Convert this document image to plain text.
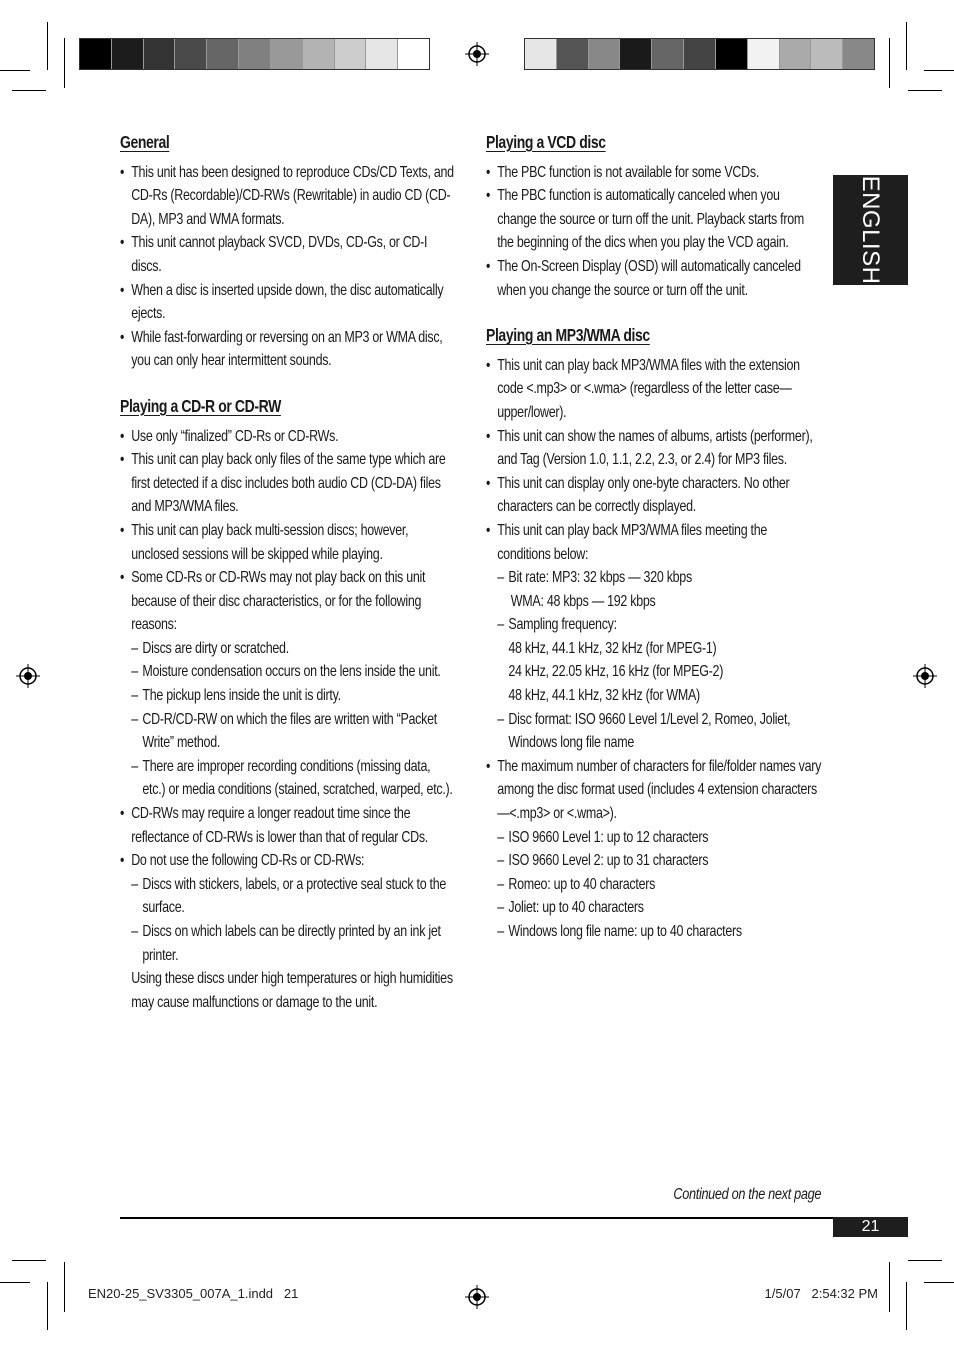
ENGLISH
General
• This unit has been designed to reproduce CDs/CD Texts, and CD-Rs (Recordable)/CD-RWs (Rewritable) in audio CD (CD-DA), MP3 and WMA formats.
• This unit cannot playback SVCD, DVDs, CD-Gs, or CD-I discs.
• When a disc is inserted upside down, the disc automatically ejects.
• While fast-forwarding or reversing on an MP3 or WMA disc, you can only hear intermittent sounds.
Playing a CD-R or CD-RW
• Use only “finalized” CD-Rs or CD-RWs.
• This unit can play back only files of the same type which are first detected if a disc includes both audio CD (CD-DA) files and MP3/WMA files.
• This unit can play back multi-session discs; however, unclosed sessions will be skipped while playing.
• Some CD-Rs or CD-RWs may not play back on this unit because of their disc characteristics, or for the following reasons:
– Discs are dirty or scratched.
– Moisture condensation occurs on the lens inside the unit.
– The pickup lens inside the unit is dirty.
– CD-R/CD-RW on which the files are written with “Packet Write” method.
– There are improper recording conditions (missing data, etc.) or media conditions (stained, scratched, warped, etc.).
• CD-RWs may require a longer readout time since the reflectance of CD-RWs is lower than that of regular CDs.
• Do not use the following CD-Rs or CD-RWs:
– Discs with stickers, labels, or a protective seal stuck to the surface.
– Discs on which labels can be directly printed by an ink jet printer.
Using these discs under high temperatures or high humidities may cause malfunctions or damage to the unit.
Playing a VCD disc
• The PBC function is not available for some VCDs.
• The PBC function is automatically canceled when you change the source or turn off the unit. Playback starts from the beginning of the dics when you play the VCD again.
• The On-Screen Display (OSD) will automatically canceled when you change the source or turn off the unit.
Playing an MP3/WMA disc
• This unit can play back MP3/WMA files with the extension code <.mp3> or <.wma> (regardless of the letter case—upper/lower).
• This unit can show the names of albums, artists (performer), and Tag (Version 1.0, 1.1, 2.2, 2.3, or 2.4) for MP3 files.
• This unit can display only one-byte characters. No other characters can be correctly displayed.
• This unit can play back MP3/WMA files meeting the conditions below:
– Bit rate: MP3: 32 kbps — 320 kbps
WMA: 48 kbps — 192 kbps
– Sampling frequency:
48 kHz, 44.1 kHz, 32 kHz (for MPEG-1)
24 kHz, 22.05 kHz, 16 kHz (for MPEG-2)
48 kHz, 44.1 kHz, 32 kHz (for WMA)
– Disc format: ISO 9660 Level 1/Level 2, Romeo, Joliet, Windows long file name
• The maximum number of characters for file/folder names vary among the disc format used (includes 4 extension characters—<.mp3> or <.wma>).
– ISO 9660 Level 1: up to 12 characters
– ISO 9660 Level 2: up to 31 characters
– Romeo: up to 40 characters
– Joliet: up to 40 characters
– Windows long file name: up to 40 characters
Continued on the next page
21
EN20-25_SV3305_007A_1.indd   21	1/5/07   2:54:32 PM
